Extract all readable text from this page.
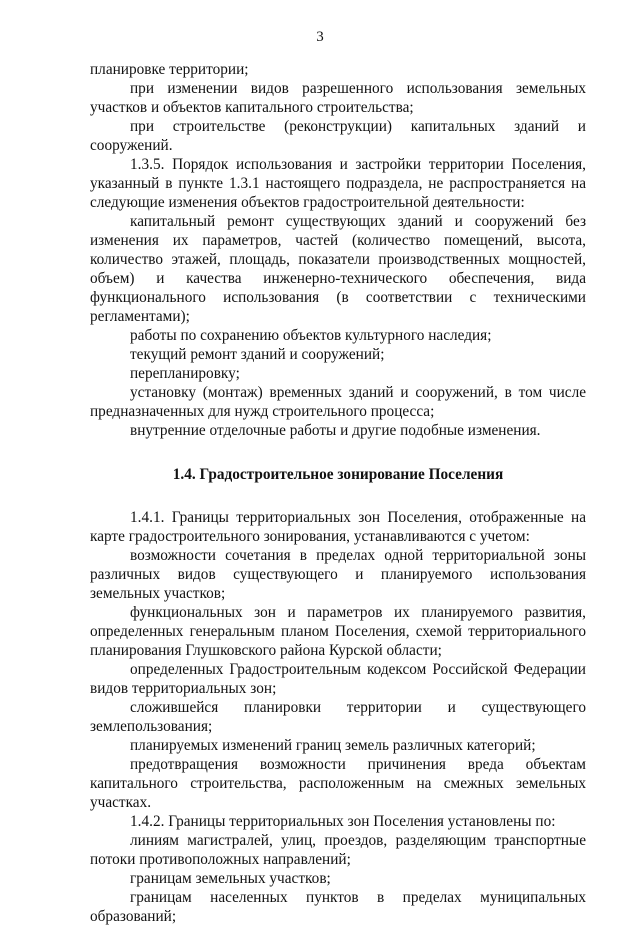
3

планировке территории;

при изменении видов разрешенного использования земельных участков и объектов капитального строительства;

при строительстве (реконструкции) капитальных зданий и сооружений.

1.3.5. Порядок использования и застройки территории Поселения, указанный в пункте 1.3.1 настоящего подраздела, не распространяется на следующие изменения объектов градостроительной деятельности:

капитальный ремонт существующих зданий и сооружений без изменения их параметров, частей (количество помещений, высота, количество этажей, площадь, показатели производственных мощностей, объем) и качества инженерно-технического обеспечения, вида функционального использования (в соответствии с техническими регламентами);

работы по сохранению объектов культурного наследия;

текущий ремонт зданий и сооружений;

перепланировку;

установку (монтаж) временных зданий и сооружений, в том числе предназначенных для нужд строительного процесса;

внутренние отделочные работы и другие подобные изменения.

1.4. Градостроительное зонирование Поселения

1.4.1. Границы территориальных зон Поселения, отображенные на карте градостроительного зонирования, устанавливаются с учетом:

возможности сочетания в пределах одной территориальной зоны различных видов существующего и планируемого использования земельных участков;

функциональных зон и параметров их планируемого развития, определенных генеральным планом Поселения, схемой территориального планирования Глушковского района Курской области;

определенных Градостроительным кодексом Российской Федерации видов территориальных зон;

сложившейся планировки территории и существующего землепользования;

планируемых изменений границ земель различных категорий;

предотвращения возможности причинения вреда объектам капитального строительства, расположенным на смежных земельных участках.

1.4.2. Границы территориальных зон Поселения установлены по:

линиям магистралей, улиц, проездов, разделяющим транспортные потоки противоположных направлений;

границам земельных участков;

границам населенных пунктов в пределах муниципальных образований;
